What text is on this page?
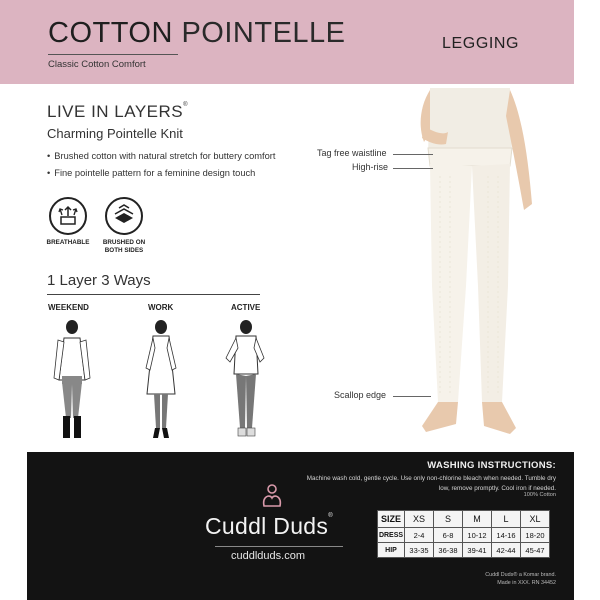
COTTON POINTELLE
Classic Cotton Comfort
LEGGING
LIVE IN LAYERS®
Charming Pointelle Knit
• Brushed cotton with natural stretch for buttery comfort
• Fine pointelle pattern for a feminine design touch
BREATHABLE	BRUSHED ON
BOTH SIDES
1 Layer 3 Ways
WEEKEND	WORK	ACTIVE
Tag free waistline
High-rise
Scallop edge
Cuddl Duds®
cuddlduds.com
WASHING INSTRUCTIONS:
Machine wash cold, gentle cycle. Use only non-chlorine bleach when needed. Tumble dry low, remove promptly. Cool iron if needed.
100% Cotton
SIZE	XS	S	M	L	XL
DRESS	2-4	6-8	10-12	14-16	18-20
HIP	33-35	36-38	39-41	42-44	45-47
Cuddl Duds® a Komar brand.
Made in XXX. RN 34452
